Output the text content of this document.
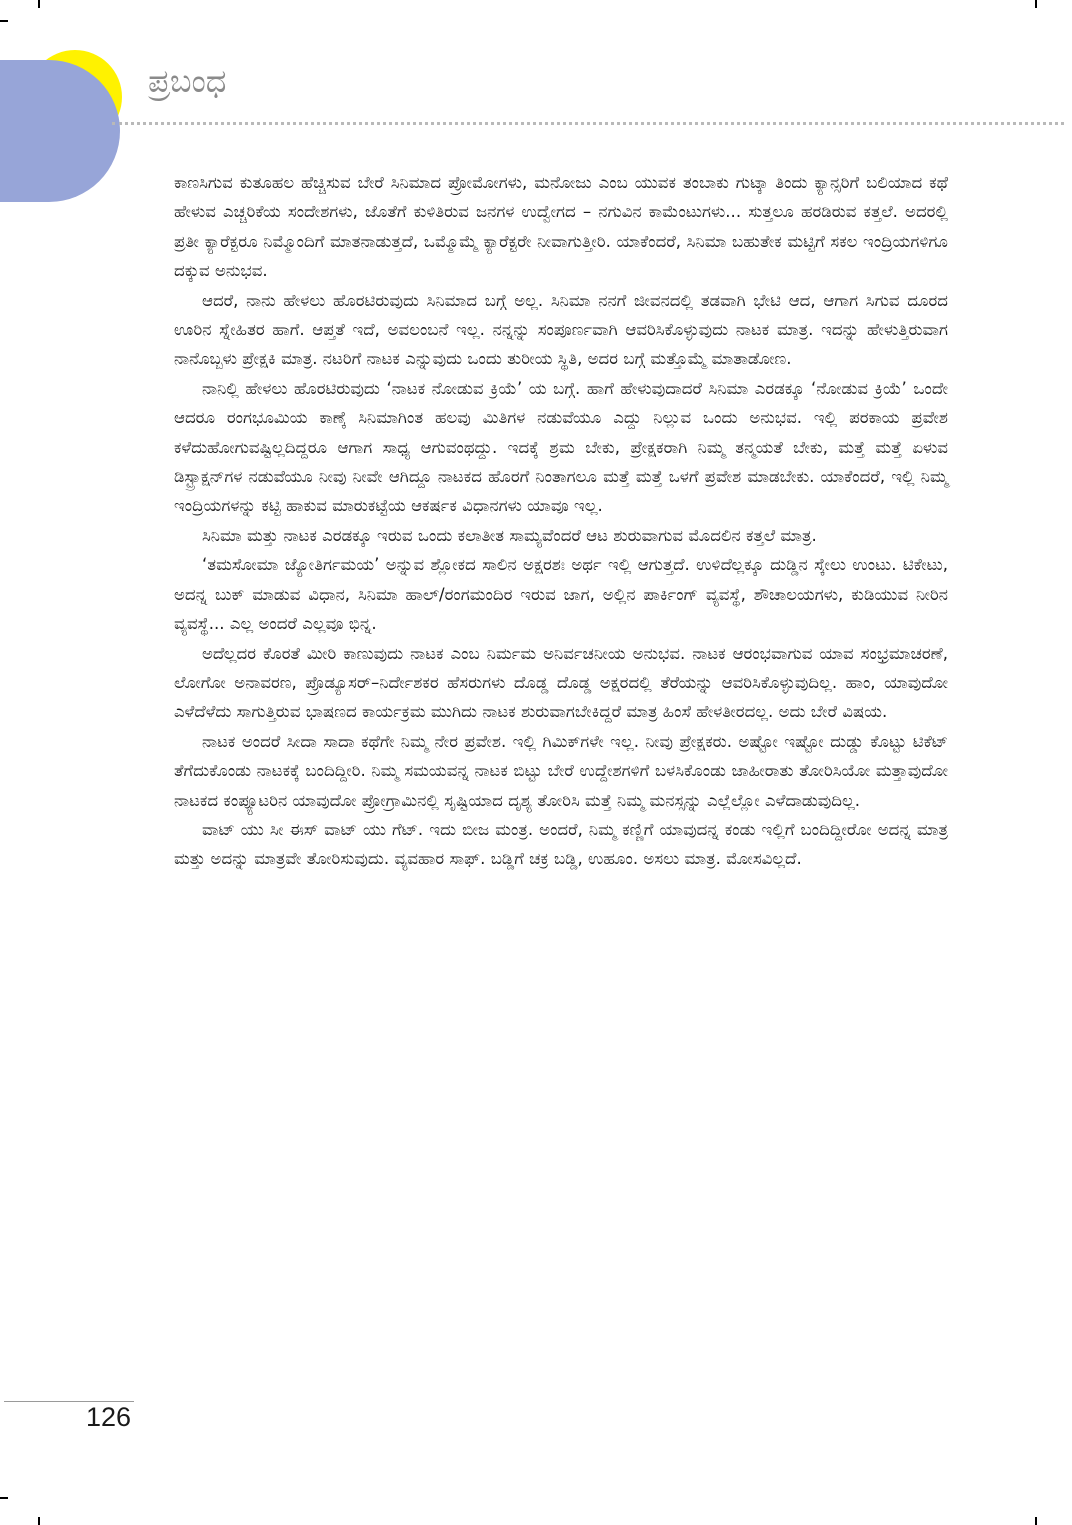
ಪ್ರಬಂಧ

ಕಾಣಸಿಗುವ ಕುತೂಹಲ ಹೆಚ್ಚಿಸುವ ಬೇರೆ ಸಿನಿಮಾದ ಪ್ರೋಮೋಗಳು, ಮನೋಜು ಎಂಬ ಯುವಕ ತಂಬಾಕು ಗುಟ್ಕಾ ತಿಂದು ಕ್ಯಾನ್ಸರಿಗೆ ಬಲಿಯಾದ ಕಥೆ ಹೇಳುವ ಎಚ್ಚರಿಕೆಯ ಸಂದೇಶಗಳು, ಜೊತೆಗೆ ಕುಳಿತಿರುವ ಜನಗಳ ಉದ್ವೇಗದ – ನಗುವಿನ ಕಾಮೆಂಟುಗಳು... ಸುತ್ತಲೂ ಹರಡಿರುವ ಕತ್ತಲೆ. ಅದರಲ್ಲಿ ಪ್ರತೀ ಕ್ಯಾರೆಕ್ಟರೂ ನಿಮ್ಮೊಂದಿಗೆ ಮಾತನಾಡುತ್ತದೆ, ಒಮ್ಮೊಮ್ಮೆ ಕ್ಯಾರೆಕ್ಟರೇ ನೀವಾಗುತ್ತೀರಿ. ಯಾಕೆಂದರೆ, ಸಿನಿಮಾ ಬಹುತೇಕ ಮಟ್ಟಿಗೆ ಸಕಲ ಇಂದ್ರಿಯಗಳಿಗೂ ದಕ್ಕುವ ಅನುಭವ.

ಆದರೆ, ನಾನು ಹೇಳಲು ಹೊರಟಿರುವುದು ಸಿನಿಮಾದ ಬಗ್ಗೆ ಅಲ್ಲ. ಸಿನಿಮಾ ನನಗೆ ಜೀವನದಲ್ಲಿ ತಡವಾಗಿ ಭೇಟಿ ಆದ, ಆಗಾಗ ಸಿಗುವ ದೂರದ ಊರಿನ ಸ್ನೇಹಿತರ ಹಾಗೆ. ಆಪ್ತತೆ ಇದೆ, ಅವಲಂಬನೆ ಇಲ್ಲ. ನನ್ನನ್ನು ಸಂಪೂರ್ಣವಾಗಿ ಆವರಿಸಿಕೊಳ್ಳುವುದು ನಾಟಕ ಮಾತ್ರ. ಇದನ್ನು ಹೇಳುತ್ತಿರುವಾಗ ನಾನೊಬ್ಬಳು ಪ್ರೇಕ್ಷಕಿ ಮಾತ್ರ. ನಟರಿಗೆ ನಾಟಕ ಎನ್ನುವುದು ಒಂದು ತುರೀಯ ಸ್ಥಿತಿ, ಅದರ ಬಗ್ಗೆ ಮತ್ತೊಮ್ಮೆ ಮಾತಾಡೋಣ.

ನಾನಿಲ್ಲಿ ಹೇಳಲು ಹೊರಟಿರುವುದು ‘ನಾಟಕ ನೋಡುವ ಕ್ರಿಯೆ’ ಯ ಬಗ್ಗೆ. ಹಾಗೆ ಹೇಳುವುದಾದರೆ ಸಿನಿಮಾ ಎರಡಕ್ಕೂ ‘ನೋಡುವ ಕ್ರಿಯೆ’ ಒಂದೇ ಆದರೂ ರಂಗಭೂಮಿಯ ಕಾಣ್ಕೆ ಸಿನಿಮಾಗಿಂತ ಹಲವು ಮಿತಿಗಳ ನಡುವೆಯೂ ಎದ್ದು ನಿಲ್ಲುವ ಒಂದು ಅನುಭವ. ಇಲ್ಲಿ ಪರಕಾಯ ಪ್ರವೇಶ ಕಳೆದುಹೋಗುವಷ್ಟಿಲ್ಲದಿದ್ದರೂ ಆಗಾಗ ಸಾಧ್ಯ ಆಗುವಂಥದ್ದು. ಇದಕ್ಕೆ ಶ್ರಮ ಬೇಕು, ಪ್ರೇಕ್ಷಕರಾಗಿ ನಿಮ್ಮ ತನ್ಮಯತೆ ಬೇಕು, ಮತ್ತೆ ಮತ್ತೆ ಏಳುವ ಡಿಸ್ಟ್ರಾಕ್ಷನ್‌ಗಳ ನಡುವೆಯೂ ನೀವು ನೀವೇ ಆಗಿದ್ದೂ ನಾಟಕದ ಹೊರಗೆ ನಿಂತಾಗಲೂ ಮತ್ತೆ ಮತ್ತೆ ಒಳಗೆ ಪ್ರವೇಶ ಮಾಡಬೇಕು. ಯಾಕೆಂದರೆ, ಇಲ್ಲಿ ನಿಮ್ಮ ಇಂದ್ರಿಯಗಳನ್ನು ಕಟ್ಟಿ ಹಾಕುವ ಮಾರುಕಟ್ಟೆಯ ಆಕರ್ಷಕ ವಿಧಾನಗಳು ಯಾವೂ ಇಲ್ಲ.

ಸಿನಿಮಾ ಮತ್ತು ನಾಟಕ ಎರಡಕ್ಕೂ ಇರುವ ಒಂದು ಕಲಾತೀತ ಸಾಮ್ಯವೆಂದರೆ ಆಟ ಶುರುವಾಗುವ ಮೊದಲಿನ ಕತ್ತಲೆ ಮಾತ್ರ.

‘ತಮಸೋಮಾ ಜ್ಯೋತಿರ್ಗಮಯ’ ಅನ್ನುವ ಶ್ಲೋಕದ ಸಾಲಿನ ಅಕ್ಷರಶಃ ಅರ್ಥ ಇಲ್ಲಿ ಆಗುತ್ತದೆ. ಉಳಿದೆಲ್ಲಕ್ಕೂ ದುಡ್ಡಿನ ಸ್ಕೇಲು ಉಂಟು. ಟಿಕೇಟು, ಅದನ್ನ ಬುಕ್ ಮಾಡುವ ವಿಧಾನ, ಸಿನಿಮಾ ಹಾಲ್/ರಂಗಮಂದಿರ ಇರುವ ಜಾಗ, ಅಲ್ಲಿನ ಪಾರ್ಕಿಂಗ್ ವ್ಯವಸ್ಥೆ, ಶೌಚಾಲಯಗಳು, ಕುಡಿಯುವ ನೀರಿನ ವ್ಯವಸ್ಥೆ... ಎಲ್ಲ ಅಂದರೆ ಎಲ್ಲವೂ ಭಿನ್ನ.

ಅದೆಲ್ಲದರ ಕೊರತೆ ಮೀರಿ ಕಾಣುವುದು ನಾಟಕ ಎಂಬ ನಿರ್ಮಮ ಅನಿರ್ವಚನೀಯ ಅನುಭವ. ನಾಟಕ ಆರಂಭವಾಗುವ ಯಾವ ಸಂಭ್ರಮಾಚರಣೆ, ಲೋಗೋ ಅನಾವರಣ, ಪ್ರೊಡ್ಯೂಸರ್–ನಿರ್ದೇಶಕರ ಹೆಸರುಗಳು ದೊಡ್ಡ ದೊಡ್ಡ ಅಕ್ಷರದಲ್ಲಿ ತೆರೆಯನ್ನು ಆವರಿಸಿಕೊಳ್ಳುವುದಿಲ್ಲ. ಹಾಂ, ಯಾವುದೋ ಎಳೆದೆಳೆದು ಸಾಗುತ್ತಿರುವ ಭಾಷಣದ ಕಾರ್ಯಕ್ರಮ ಮುಗಿದು ನಾಟಕ ಶುರುವಾಗಬೇಕಿದ್ದರೆ ಮಾತ್ರ ಹಿಂಸೆ ಹೇಳತೀರದಲ್ಲ. ಅದು ಬೇರೆ ವಿಷಯ.

ನಾಟಕ ಅಂದರೆ ಸೀದಾ ಸಾದಾ ಕಥೆಗೇ ನಿಮ್ಮ ನೇರ ಪ್ರವೇಶ. ಇಲ್ಲಿ ಗಿಮಿಕ್‌ಗಳೇ ಇಲ್ಲ. ನೀವು ಪ್ರೇಕ್ಷಕರು. ಅಷ್ಟೋ ಇಷ್ಟೋ ದುಡ್ಡು ಕೊಟ್ಟು ಟಿಕೆಟ್ ತೆಗೆದುಕೊಂಡು ನಾಟಕಕ್ಕೆ ಬಂದಿದ್ದೀರಿ. ನಿಮ್ಮ ಸಮಯವನ್ನ ನಾಟಕ ಬಿಟ್ಟು ಬೇರೆ ಉದ್ದೇಶಗಳಿಗೆ ಬಳಸಿಕೊಂಡು ಜಾಹೀರಾತು ತೋರಿಸಿಯೋ ಮತ್ತಾವುದೋ ನಾಟಕದ ಕಂಪ್ಯೂಟರಿನ ಯಾವುದೋ ಪ್ರೋಗ್ರಾಮಿನಲ್ಲಿ ಸೃಷ್ಟಿಯಾದ ದೃಶ್ಯ ತೋರಿಸಿ ಮತ್ತೆ ನಿಮ್ಮ ಮನಸ್ಸನ್ನು ಎಲ್ಲೆಲ್ಲೋ ಎಳೆದಾಡುವುದಿಲ್ಲ.

ವಾಟ್ ಯು ಸೀ ಈಸ್ ವಾಟ್ ಯು ಗೆಟ್. ಇದು ಬೀಜ ಮಂತ್ರ. ಅಂದರೆ, ನಿಮ್ಮ ಕಣ್ಣಿಗೆ ಯಾವುದನ್ನ ಕಂಡು ಇಲ್ಲಿಗೆ ಬಂದಿದ್ದೀರೋ ಅದನ್ನ ಮಾತ್ರ ಮತ್ತು ಅದನ್ನು ಮಾತ್ರವೇ ತೋರಿಸುವುದು. ವ್ಯವಹಾರ ಸಾಫ್. ಬಡ್ಡಿಗೆ ಚಕ್ರ ಬಡ್ಡಿ, ಉಹೂಂ. ಅಸಲು ಮಾತ್ರ. ಮೋಸವಿಲ್ಲದೆ.

126
